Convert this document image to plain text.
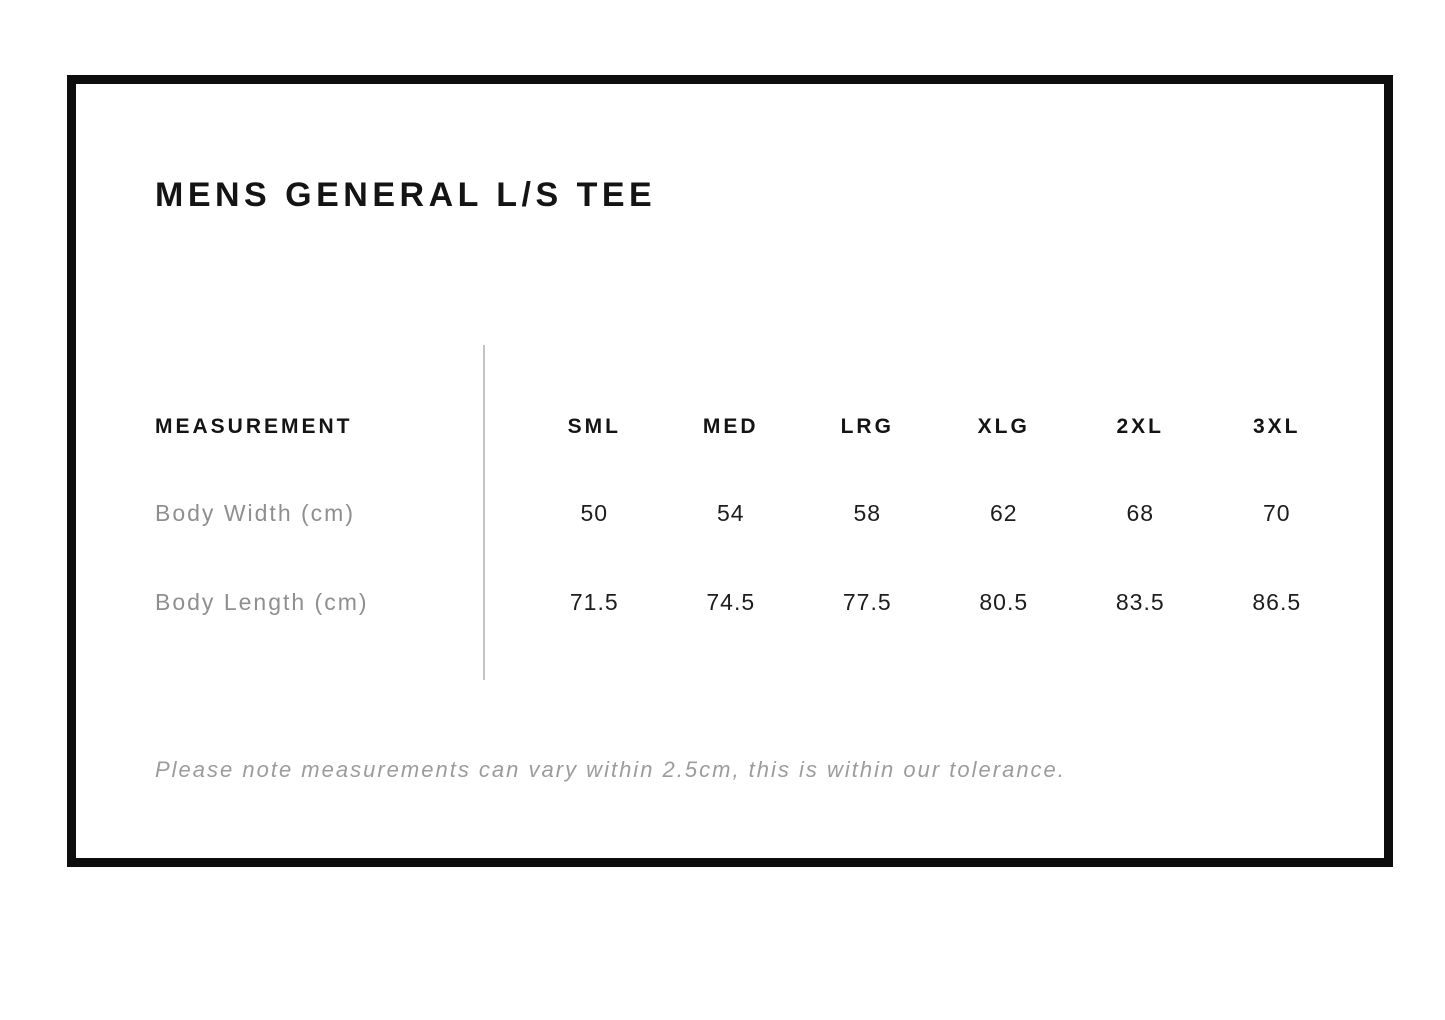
MENS GENERAL L/S TEE
MEASUREMENT	SML	MED	LRG	XLG	2XL	3XL
Body Width (cm)	50	54	58	62	68	70
Body Length (cm)	71.5	74.5	77.5	80.5	83.5	86.5
Please note measurements can vary within 2.5cm, this is within our tolerance.
